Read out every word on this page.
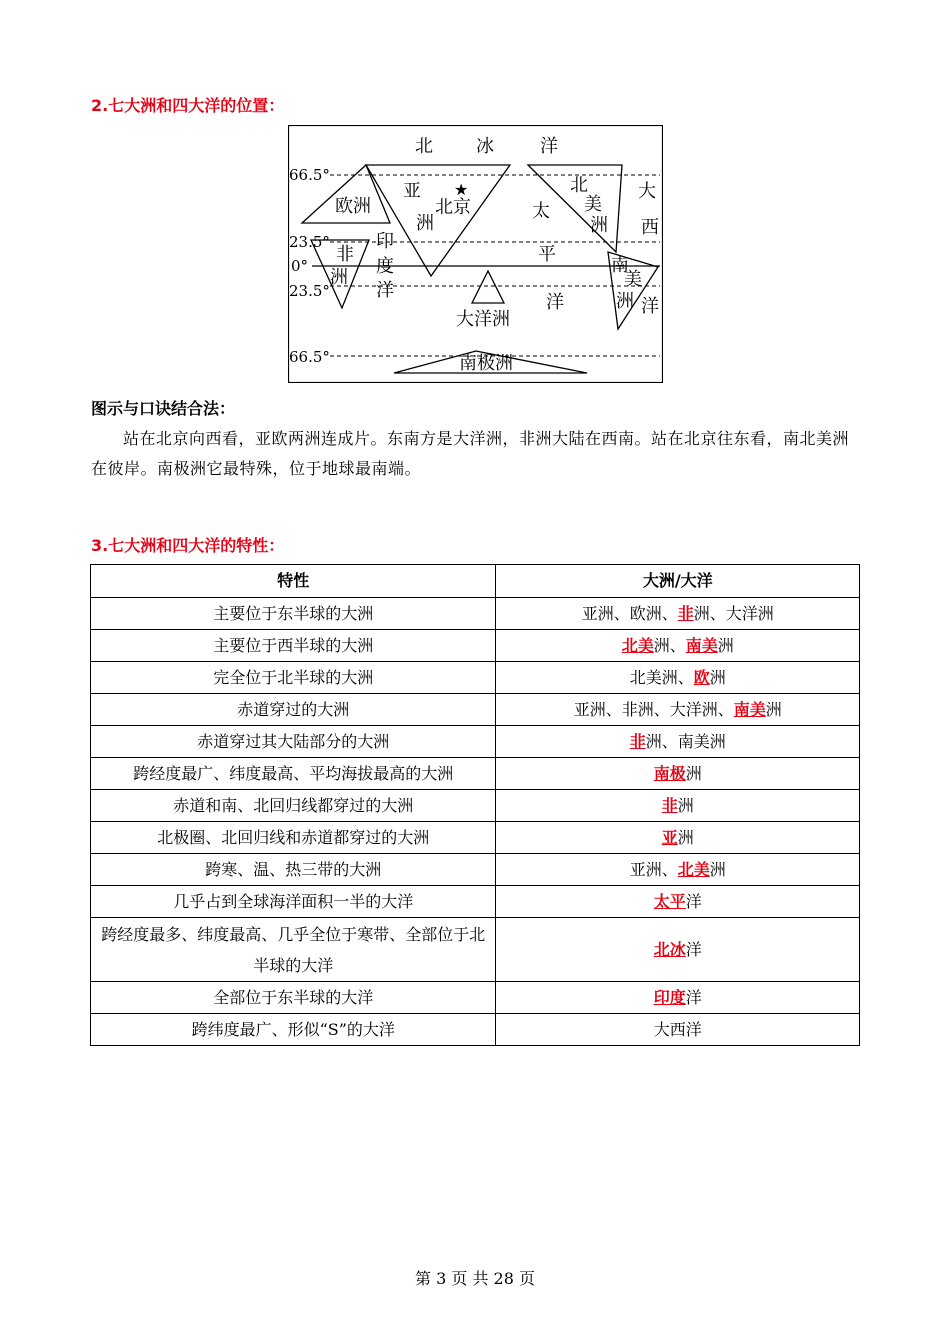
2.七大洲和四大洋的位置：
66.5°
23.5°
0°
23.5°
66.5°
北 冰	洋
欧洲
亚
洲
★
北京
非
洲
印
度
洋
大洋洲
太
平
洋
北
美
洲
南
美
洲
大
西
洋
南极洲
图示与口诀结合法：
站在北京向西看，亚欧两洲连成片。东南方是大洋洲，非洲大陆在西南。站在北京往东看，南北美洲在彼岸。南极洲它最特殊，位于地球最南端。
3.七大洲和四大洋的特性：
特性	大洲/大洋
主要位于东半球的大洲	亚洲、欧洲、非洲、大洋洲
主要位于西半球的大洲	北美洲、南美洲
完全位于北半球的大洲	北美洲、欧洲
赤道穿过的大洲	亚洲、非洲、大洋洲、南美洲
赤道穿过其大陆部分的大洲	非洲、南美洲
跨经度最广、纬度最高、平均海拔最高的大洲	南极洲
赤道和南、北回归线都穿过的大洲	非洲
北极圈、北回归线和赤道都穿过的大洲	亚洲
跨寒、温、热三带的大洲	亚洲、北美洲
几乎占到全球海洋面积一半的大洋	太平洋
跨经度最多、纬度最高、几乎全位于寒带、全部位于北半球的大洋	北冰洋
全部位于东半球的大洋	印度洋
跨纬度最广、形似“S”的大洋	大西洋
第 3 页 共 28 页
